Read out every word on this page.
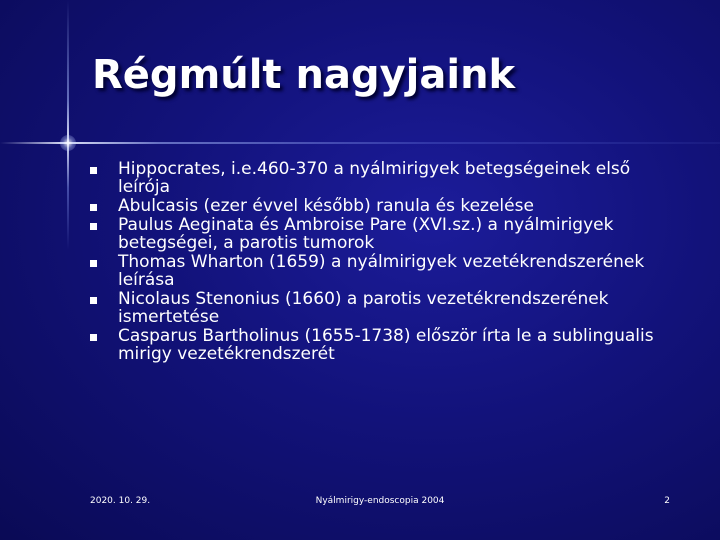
Régmúlt nagyjaink
Hippocrates, i.e.460-370 a nyálmirigyek betegségeinek első leírója
Abulcasis (ezer évvel később) ranula és kezelése
Paulus Aeginata és Ambroise Pare (XVI.sz.) a nyálmirigyek betegségei, a parotis tumorok
Thomas Wharton (1659) a nyálmirigyek vezetékrendszerének leírása
Nicolaus Stenonius (1660) a parotis vezetékrendszerének ismertetése
Casparus Bartholinus (1655-1738) először írta le a sublingualis mirigy vezetékrendszerét
2020. 10. 29.	Nyálmirigy-endoscopia 2004	2
